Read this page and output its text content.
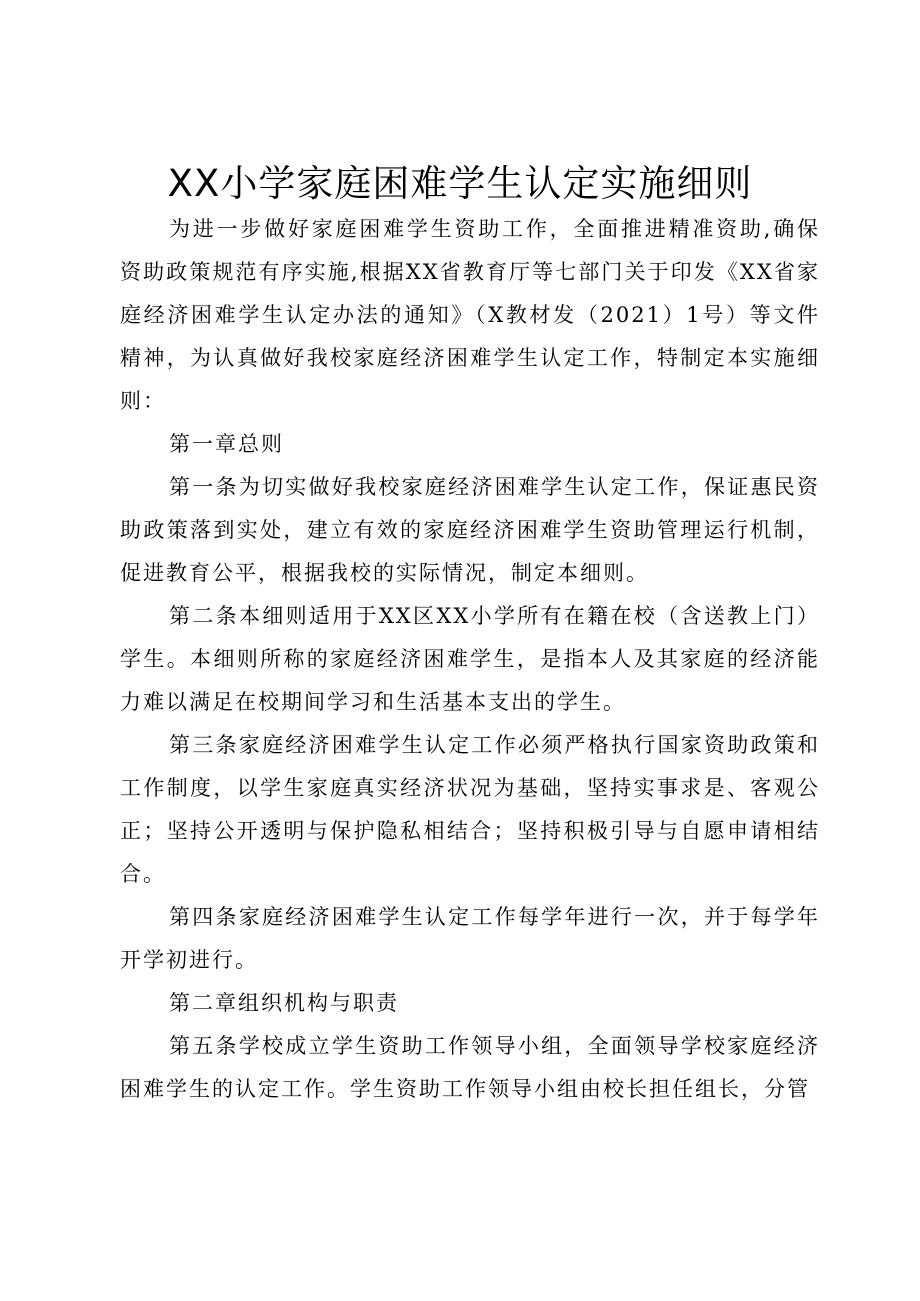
XX小学家庭困难学生认定实施细则

为进一步做好家庭困难学生资助工作，全面推进精准资助,确保资助政策规范有序实施,根据XX省教育厅等七部门关于印发《XX省家庭经济困难学生认定办法的通知》（X教材发（2021）1号）等文件精神，为认真做好我校家庭经济困难学生认定工作，特制定本实施细则：

第一章总则

第一条为切实做好我校家庭经济困难学生认定工作，保证惠民资助政策落到实处，建立有效的家庭经济困难学生资助管理运行机制，促进教育公平，根据我校的实际情况，制定本细则。

第二条本细则适用于XX区XX小学所有在籍在校（含送教上门）学生。本细则所称的家庭经济困难学生，是指本人及其家庭的经济能力难以满足在校期间学习和生活基本支出的学生。

第三条家庭经济困难学生认定工作必须严格执行国家资助政策和工作制度，以学生家庭真实经济状况为基础，坚持实事求是、客观公正；坚持公开透明与保护隐私相结合；坚持积极引导与自愿申请相结合。

第四条家庭经济困难学生认定工作每学年进行一次，并于每学年开学初进行。

第二章组织机构与职责

第五条学校成立学生资助工作领导小组，全面领导学校家庭经济困难学生的认定工作。学生资助工作领导小组由校长担任组长，分管
